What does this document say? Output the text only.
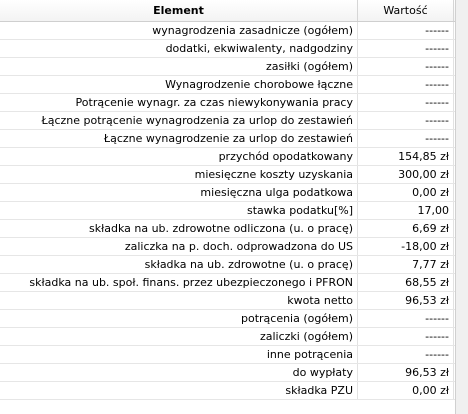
Element	Wartość
wynagrodzenia zasadnicze (ogółem)	------
dodatki, ekwiwalenty, nadgodziny	------
zasiłki (ogółem)	------
Wynagrodzenie chorobowe łączne	------
Potrącenie wynagr. za czas niewykonywania pracy	------
Łączne potrącenie wynagrodzenia za urlop do zestawień	------
Łączne wynagrodzenie za urlop do zestawień	------
przychód opodatkowany	154,85 zł
miesięczne koszty uzyskania	300,00 zł
miesięczna ulga podatkowa	0,00 zł
stawka podatku[%]	17,00
składka na ub. zdrowotne odliczona (u. o pracę)	6,69 zł
zaliczka na p. doch. odprowadzona do US	-18,00 zł
składka na ub. zdrowotne (u. o pracę)	7,77 zł
składka na ub. społ. finans. przez ubezpieczonego i PFRON	68,55 zł
kwota netto	96,53 zł
potrącenia (ogółem)	------
zaliczki (ogółem)	------
inne potrącenia	------
do wypłaty	96,53 zł
składka PZU	0,00 zł
